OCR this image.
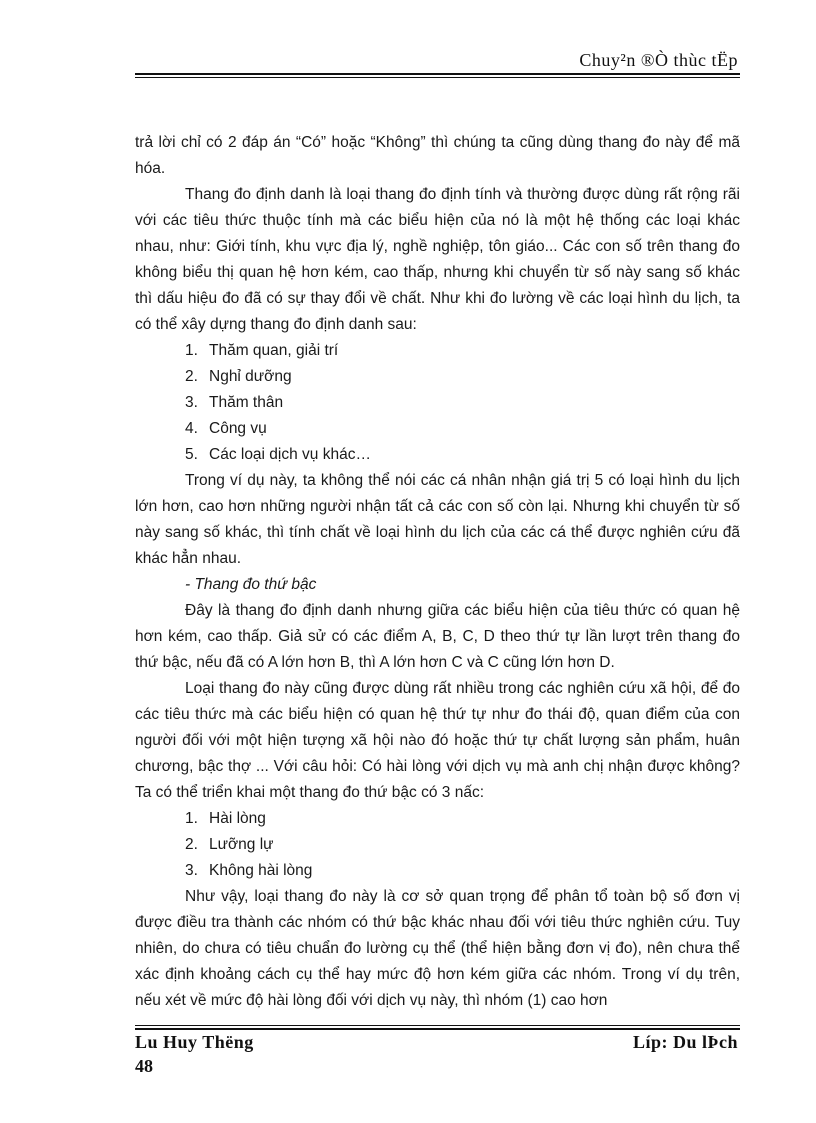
Chuy²n ®Ò thùc tËp

trả lời chỉ có 2 đáp án “Có” hoặc “Không” thì chúng ta cũng dùng thang đo này để mã hóa.

Thang đo định danh là loại thang đo định tính và thường được dùng rất rộng rãi với các tiêu thức thuộc tính mà các biểu hiện của nó là một hệ thống các loại khác nhau, như: Giới tính, khu vực địa lý, nghề nghiệp, tôn giáo... Các con số trên thang đo không biểu thị quan hệ hơn kém, cao thấp, nhưng khi chuyển từ số này sang số khác thì dấu hiệu đo đã có sự thay đổi về chất. Như khi đo lường về các loại hình du lịch, ta có thể xây dựng thang đo định danh sau:

1. Thăm quan, giải trí
2. Nghỉ dưỡng
3. Thăm thân
4. Công vụ
5. Các loại dịch vụ khác…

Trong ví dụ này, ta không thể nói các cá nhân nhận giá trị 5 có loại hình du lịch lớn hơn, cao hơn những người nhận tất cả các con số còn lại. Nhưng khi chuyển từ số này sang số khác, thì tính chất về loại hình du lịch của các cá thể được nghiên cứu đã khác hẳn nhau.

- Thang đo thứ bậc

Đây là thang đo định danh nhưng giữa các biểu hiện của tiêu thức có quan hệ hơn kém, cao thấp. Giả sử có các điểm A, B, C, D theo thứ tự lần lượt trên thang đo thứ bậc, nếu đã có A lớn hơn B, thì A lớn hơn C và C cũng lớn hơn D.

Loại thang đo này cũng được dùng rất nhiều trong các nghiên cứu xã hội, để đo các tiêu thức mà các biểu hiện có quan hệ thứ tự như đo thái độ, quan điểm của con người đối với một hiện tượng xã hội nào đó hoặc thứ tự chất lượng sản phẩm, huân chương, bậc thợ ... Với câu hỏi: Có hài lòng với dịch vụ mà anh chị nhận được không? Ta có thể triển khai một thang đo thứ bậc có 3 nấc:

1. Hài lòng
2. Lưỡng lự
3. Không hài lòng

Như vậy, loại thang đo này là cơ sở quan trọng để phân tổ toàn bộ số đơn vị được điều tra thành các nhóm có thứ bậc khác nhau đối với tiêu thức nghiên cứu. Tuy nhiên, do chưa có tiêu chuẩn đo lường cụ thể (thể hiện bằng đơn vị đo), nên chưa thể xác định khoảng cách cụ thể hay mức độ hơn kém giữa các nhóm. Trong ví dụ trên, nếu xét về mức độ hài lòng đối với dịch vụ này, thì nhóm (1) cao hơn

Lu Huy Thëng	Líp: Du lÞch
48
